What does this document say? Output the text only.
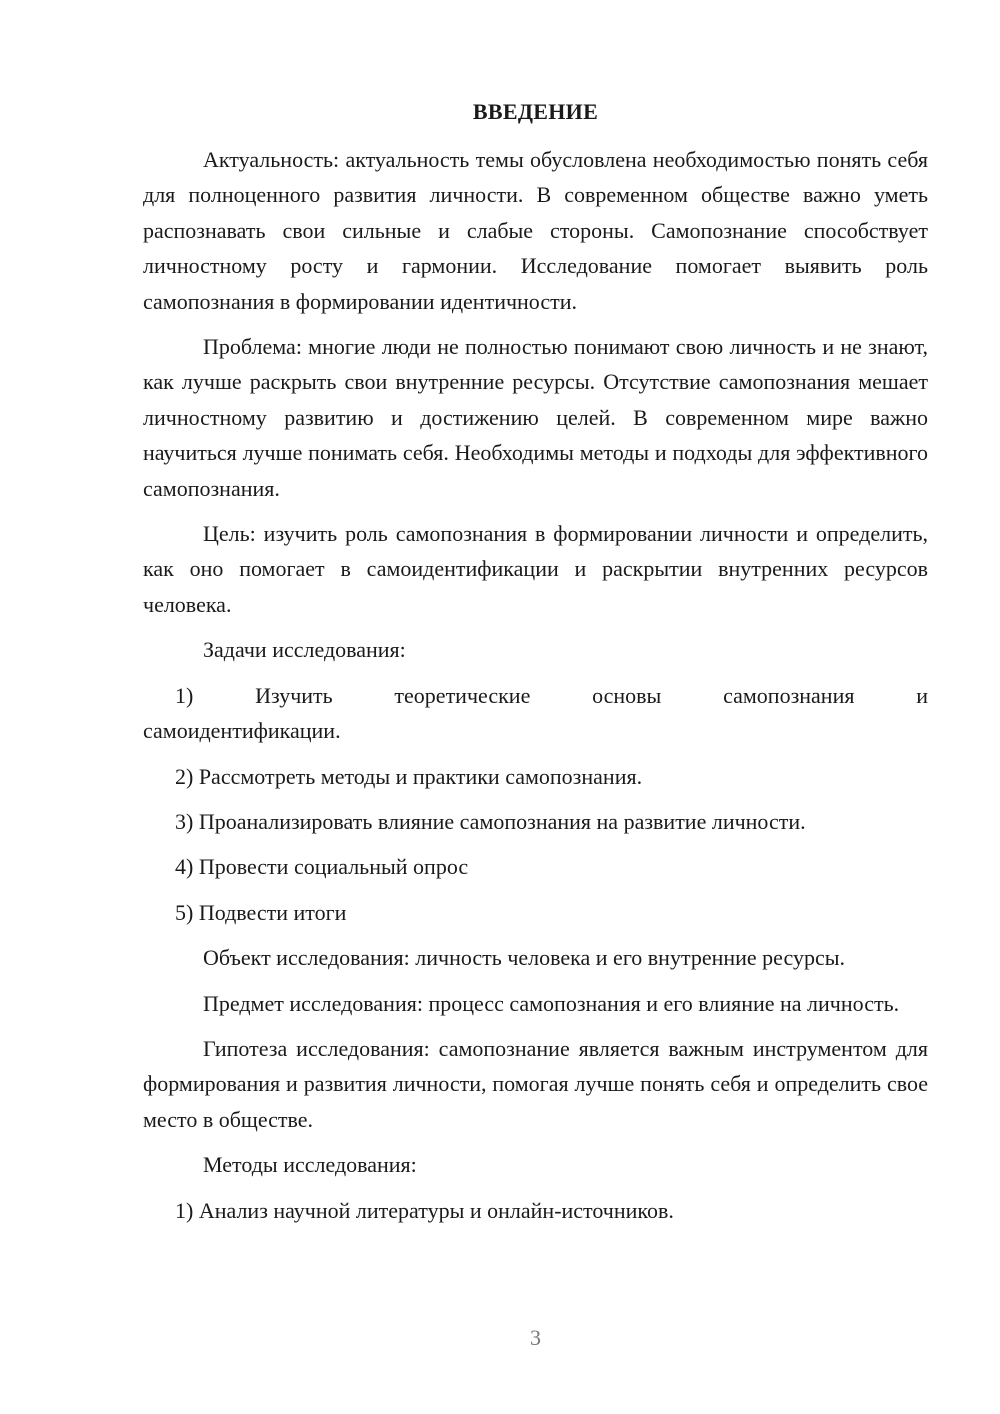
ВВЕДЕНИЕ

Актуальность: актуальность темы обусловлена необходимостью понять себя для полноценного развития личности. В современном обществе важно уметь распознавать свои сильные и слабые стороны. Самопознание способствует личностному росту и гармонии. Исследование помогает выявить роль самопознания в формировании идентичности.

Проблема: многие люди не полностью понимают свою личность и не знают, как лучше раскрыть свои внутренние ресурсы. Отсутствие самопознания мешает личностному развитию и достижению целей. В современном мире важно научиться лучше понимать себя. Необходимы методы и подходы для эффективного самопознания.

Цель: изучить роль самопознания в формировании личности и определить, как оно помогает в самоидентификации и раскрытии внутренних ресурсов человека.

Задачи исследования:

1) Изучить теоретические основы самопознания и
самоидентификации.

2) Рассмотреть методы и практики самопознания.

3) Проанализировать влияние самопознания на развитие личности.

4) Провести социальный опрос

5) Подвести итоги

Объект исследования: личность человека и его внутренние ресурсы.

Предмет исследования: процесс самопознания и его влияние на личность.

Гипотеза исследования: самопознание является важным инструментом для формирования и развития личности, помогая лучше понять себя и определить свое место в обществе.

Методы исследования:

1) Анализ научной литературы и онлайн-источников.

3
